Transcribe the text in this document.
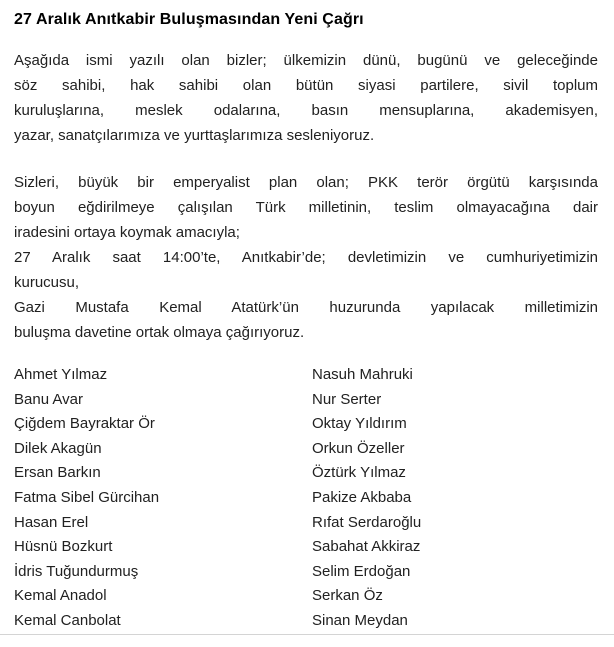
27 Aralık Anıtkabir Buluşmasından Yeni Çağrı
Aşağıda ismi yazılı olan bizler; ülkemizin dünü, bugünü ve geleceğinde
söz sahibi, hak sahibi olan bütün siyasi partilere, sivil toplum
kuruluşlarına, meslek odalarına, basın mensuplarına, akademisyen,
yazar, sanatçılarımıza ve yurttaşlarımıza sesleniyoruz.
Sizleri, büyük bir emperyalist plan olan; PKK terör örgütü karşısında
boyun eğdirilmeye çalışılan Türk milletinin, teslim olmayacağına dair
iradesini ortaya koymak amacıyla;
27 Aralık saat 14:00’te, Anıtkabir’de; devletimizin ve cumhuriyetimizin
kurucusu,
Gazi Mustafa Kemal Atatürk’ün huzurunda yapılacak milletimizin
buluşma davetine ortak olmaya çağırıyoruz.
Ahmet Yılmaz
Banu Avar
Çiğdem Bayraktar Ör
Dilek Akagün
Ersan Barkın
Fatma Sibel Gürcihan
Hasan Erel
Hüsnü Bozkurt
İdris Tuğundurmuş
Kemal Anadol
Kemal Canbolat
Nasuh Mahruki
Nur Serter
Oktay Yıldırım
Orkun Özeller
Öztürk Yılmaz
Pakize Akbaba
Rıfat Serdaroğlu
Sabahat Akkiraz
Selim Erdoğan
Serkan Öz
Sinan Meydan
